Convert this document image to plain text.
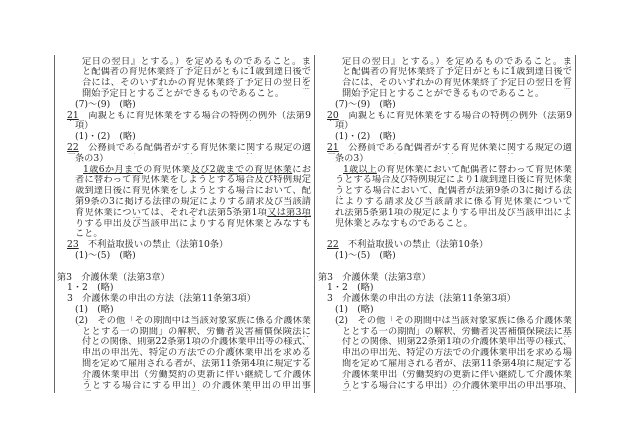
定日の翌日』とする。）を定めるものであること。ま
と配偶者の育児休業終了予定日がともに1歳到達日後で
合には、そのいずれかの育児休業終了予定日の翌日を
開始予定日とすることができるものであること。
(7)～(9)　(略)
21　両親ともに育児休業をする場合の特例の例外（法第9
項）
(1)・(2)　(略)
22　公務員である配偶者がする育児休業に関する規定の適
条の3）
1歳6か月までの育児休業及び2歳までの育児休業にお
者に替わって育児休業をしようとする場合及び特例規定
歳到達日後に育児休業をしようとする場合において、配
第9条の3に掲げる法律の規定によりする請求及び当該請
育児休業については、それぞれ法第5条第1項又は第3項
りする申出及び当該申出によりする育児休業とみなすも
こと。
23　不利益取扱いの禁止（法第10条）
(1)～(5)　(略)
第3　介護休業（法第3章）
1・2　(略)
3　介護休業の申出の方法（法第11条第3項）
(1)　(略)
(2)　その他「その期間中は当該対象家族に係る介護休業
ととする一の期間」の解釈、労働者災害補償保険法に
付との関係、則第22条第1項の介護休業申出等の様式、
申出の申出先、特定の方法での介護休業申出を求める
間を定めて雇用される者が、法第11条第4項に規定する
介護休業申出（労働契約の更新に伴い継続して介護休
うとする場合にする申出）の介護休業申出の申出事
定日の翌日』とする。）を定めるものであること。ま
と配偶者の育児休業終了予定日がともに1歳到達日後で
合には、そのいずれかの育児休業終了予定日の翌日を育
開始予定日とすることができるものであること。
(7)～(9)　(略)
20　両親ともに育児休業をする場合の特例の例外（法第9
項）
(1)・(2)　(略)
21　公務員である配偶者がする育児休業に関する規定の適
条の3）
1歳以上の育児休業において配偶者に替わって育児休業
うとする場合及び特例規定により1歳到達日後に育児休業
うとする場合において、配偶者が法第9条の3に掲げる法
によりする請求及び当該請求に係る育児休業について
れ法第5条第1項の規定によりする申出及び当該申出によ
児休業とみなすものであること。
22　不利益取扱いの禁止（法第10条）
(1)～(5)　(略)
第3　介護休業（法第3章）
1・2　(略)
3　介護休業の申出の方法（法第11条第3項）
(1)　(略)
(2)　その他「その期間中は当該対象家族に係る介護休業
ととする一の期間」の解釈、労働者災害補償保険法に基
付との関係、則第22条第1項の介護休業申出等の様式、
申出の申出先、特定の方法での介護休業申出を求める場
間を定めて雇用される者が、法第11条第4項に規定する
介護休業申出（労働契約の更新に伴い継続して介護休業
うとする場合にする申出）の介護休業申出の申出事項、
